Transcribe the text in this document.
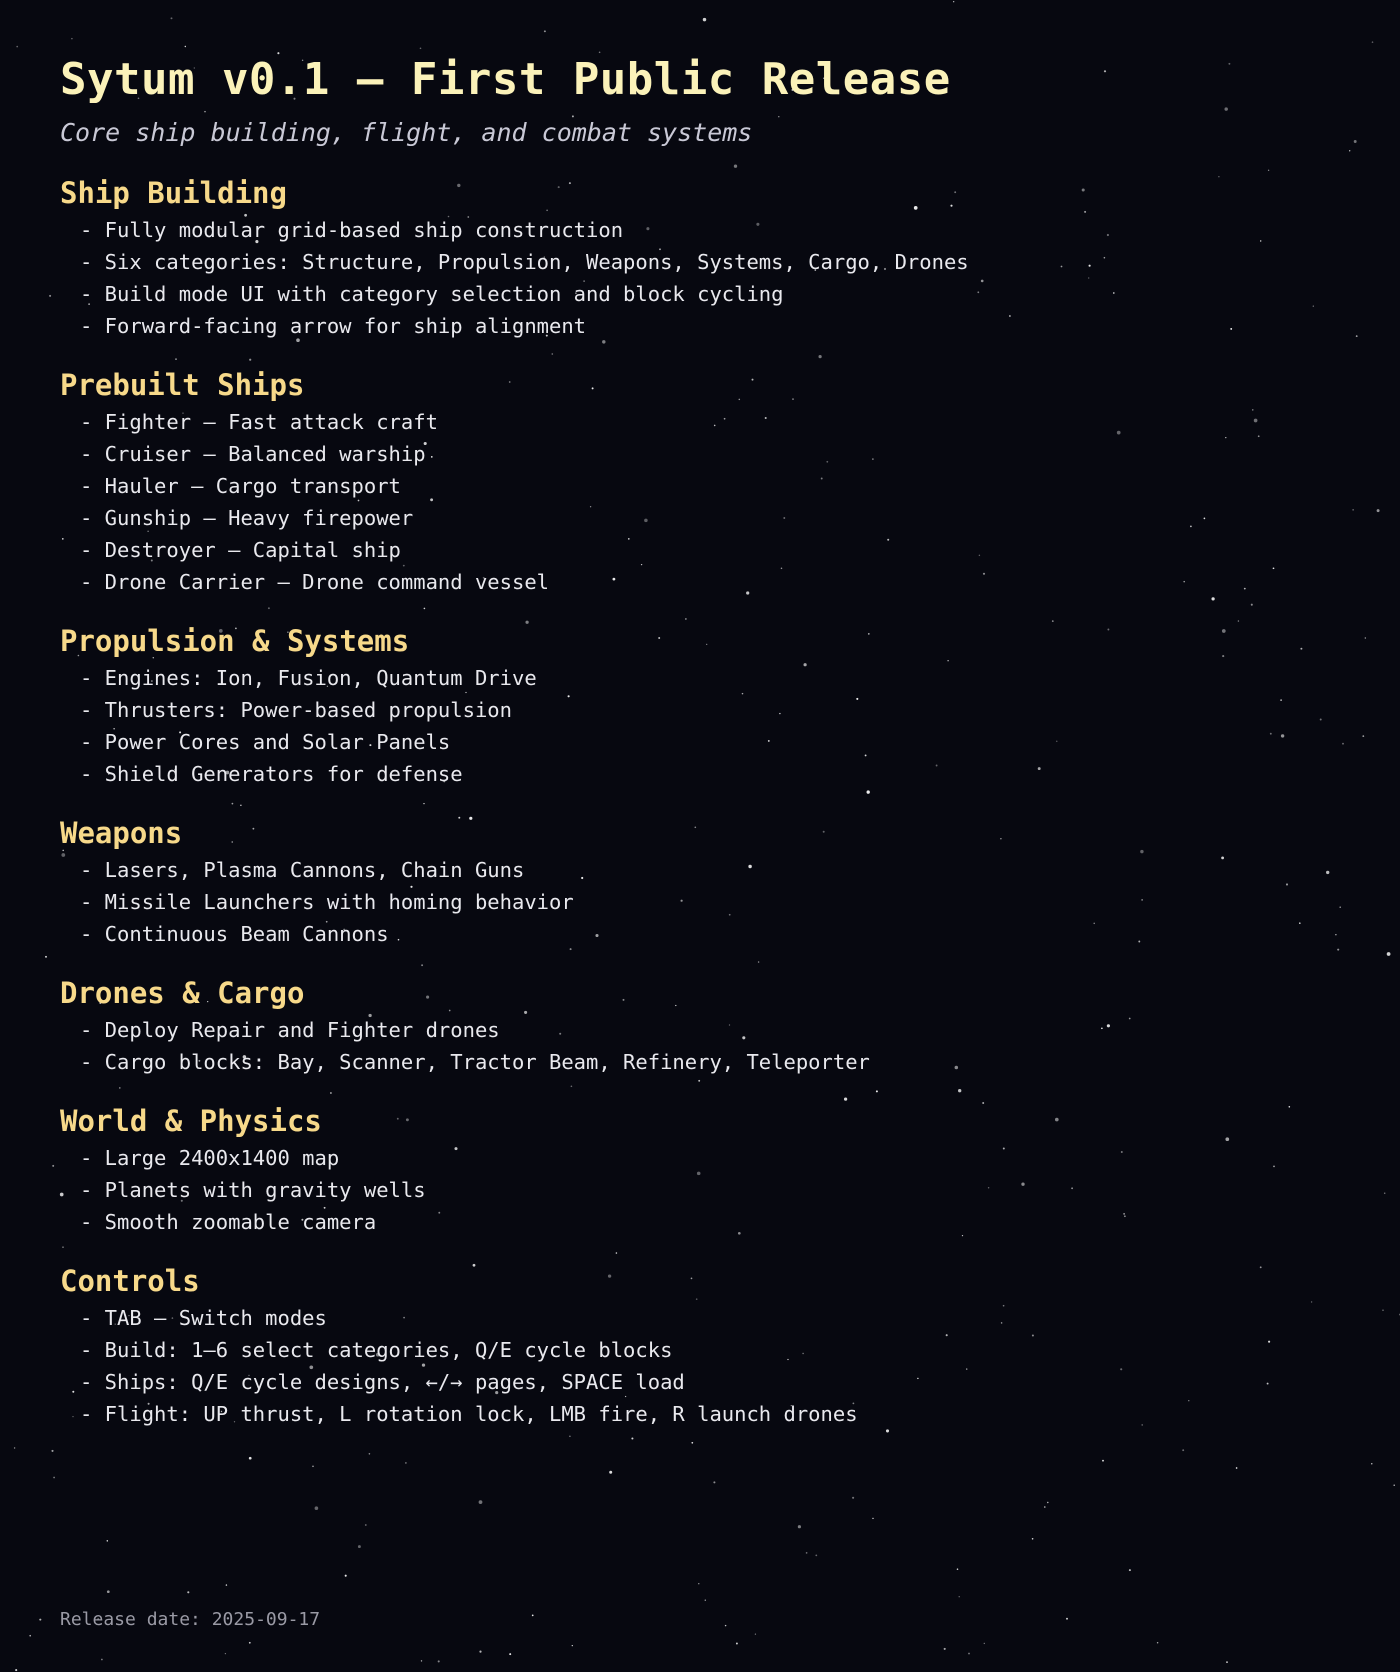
Sytum v0.1 – First Public Release
Core ship building, flight, and combat systems
Ship Building
- Fully modular grid-based ship construction
- Six categories: Structure, Propulsion, Weapons, Systems, Cargo, Drones
- Build mode UI with category selection and block cycling
- Forward-facing arrow for ship alignment
Prebuilt Ships
- Fighter – Fast attack craft
- Cruiser – Balanced warship
- Hauler – Cargo transport
- Gunship – Heavy firepower
- Destroyer – Capital ship
- Drone Carrier – Drone command vessel
Propulsion & Systems
- Engines: Ion, Fusion, Quantum Drive
- Thrusters: Power-based propulsion
- Power Cores and Solar Panels
- Shield Generators for defense
Weapons
- Lasers, Plasma Cannons, Chain Guns
- Missile Launchers with homing behavior
- Continuous Beam Cannons
Drones & Cargo
- Deploy Repair and Fighter drones
- Cargo blocks: Bay, Scanner, Tractor Beam, Refinery, Teleporter
World & Physics
- Large 2400x1400 map
- Planets with gravity wells
- Smooth zoomable camera
Controls
- TAB – Switch modes
- Build: 1–6 select categories, Q/E cycle blocks
- Ships: Q/E cycle designs, ←/→ pages, SPACE load
- Flight: UP thrust, L rotation lock, LMB fire, R launch drones
Release date: 2025-09-17
